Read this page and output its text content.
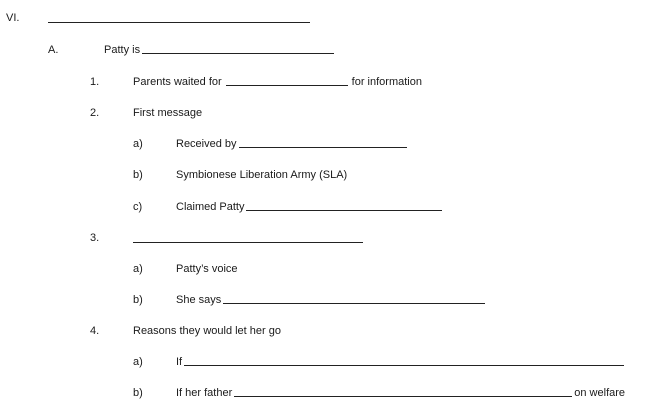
VI.
A.	Patty is
1.	Parents waited for	for information
2.	First message
a)	Received by
b)	Symbionese Liberation Army (SLA)
c)	Claimed Patty
3.
a)	Patty’s voice
b)	She says
4.	Reasons they would let her go
a)	If
b)	If her father	on welfare
